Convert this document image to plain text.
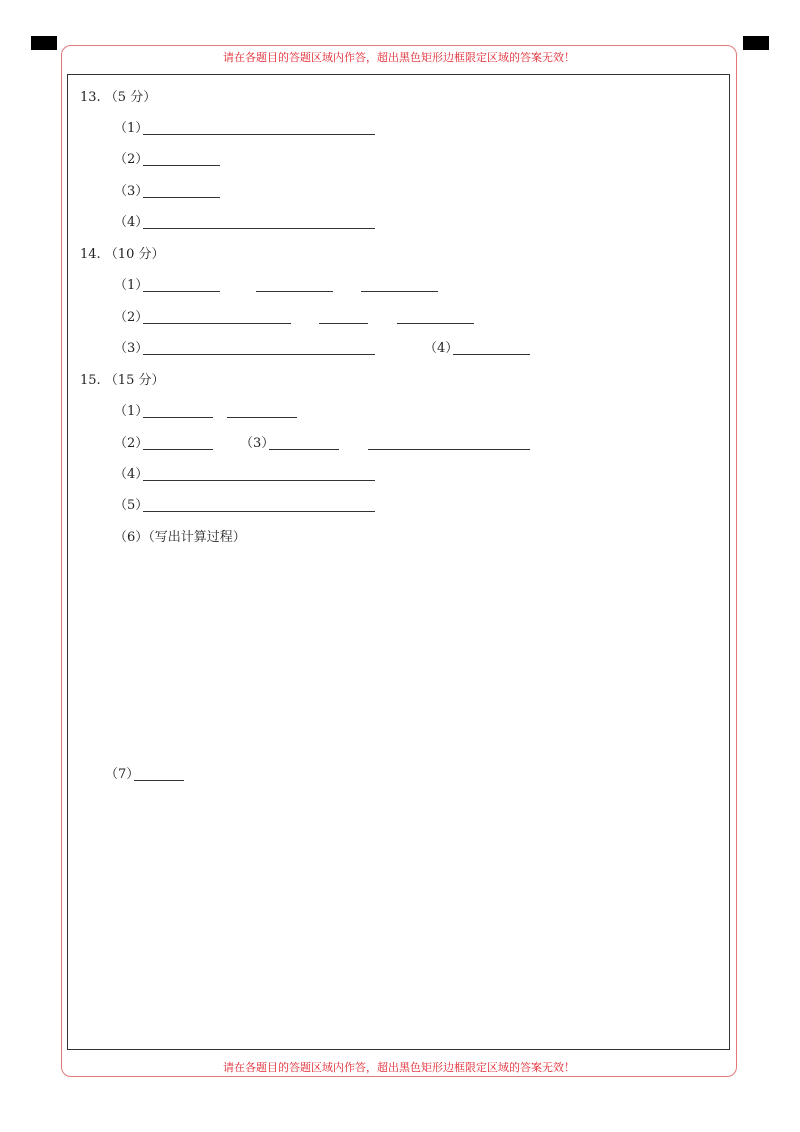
请在各题目的答题区域内作答，超出黑色矩形边框限定区域的答案无效！
请在各题目的答题区域内作答，超出黑色矩形边框限定区域的答案无效！
13. （5 分）
（1）
（2）
（3）
（4）
14. （10 分）
（1）
（2）
（3）	（4）
15. （15 分）
（1）
（2）	（3）
（4）
（5）
（6）（写出计算过程）
（7）
